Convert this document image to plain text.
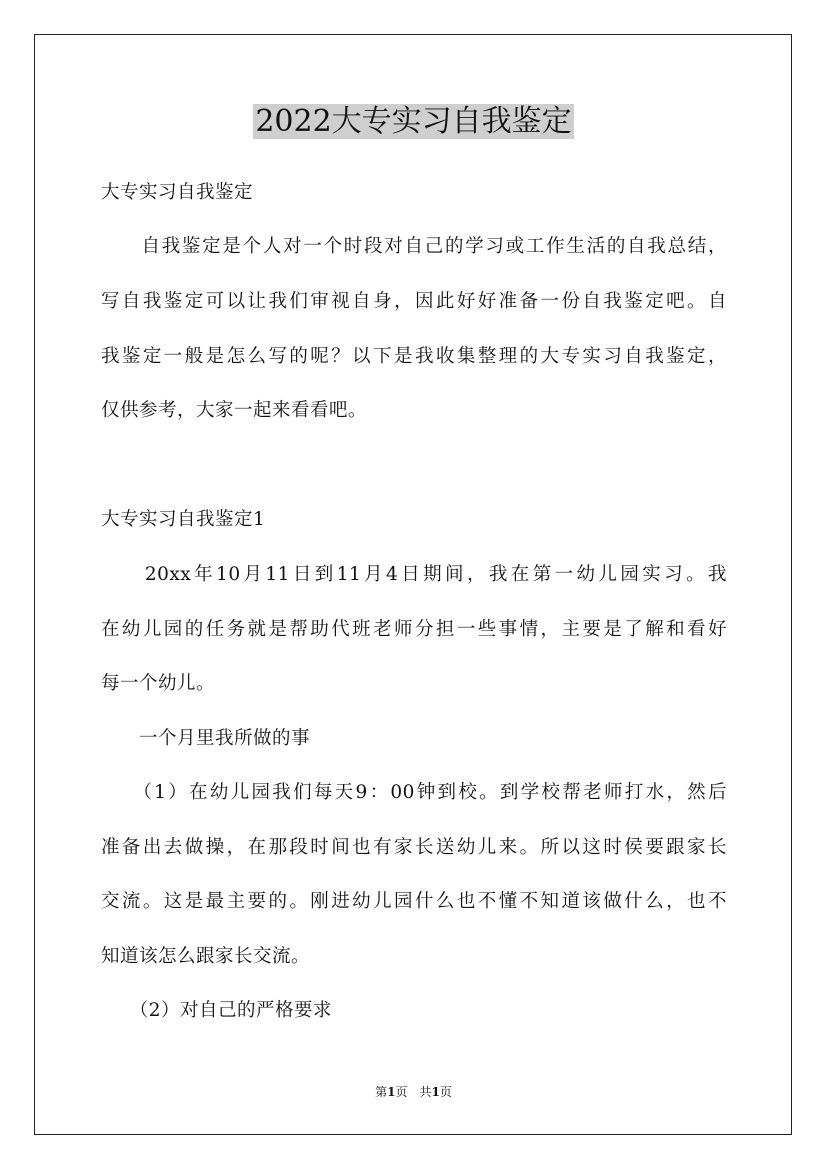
2022大专实习自我鉴定
大专实习自我鉴定
　　自我鉴定是个人对一个时段对自己的学习或工作生活的自我总结，
写自我鉴定可以让我们审视自身，因此好好准备一份自我鉴定吧。自
我鉴定一般是怎么写的呢？以下是我收集整理的大专实习自我鉴定，
仅供参考，大家一起来看看吧。
大专实习自我鉴定1
　　20xx年10月11日到11月4日期间，我在第一幼儿园实习。我
在幼儿园的任务就是帮助代班老师分担一些事情，主要是了解和看好
每一个幼儿。
　　一个月里我所做的事
　　（1）在幼儿园我们每天9：00钟到校。到学校帮老师打水，然后
准备出去做操，在那段时间也有家长送幼儿来。所以这时侯要跟家长
交流。这是最主要的。刚进幼儿园什么也不懂不知道该做什么，也不
知道该怎么跟家长交流。
　　（2）对自己的严格要求
第1页　共1页
